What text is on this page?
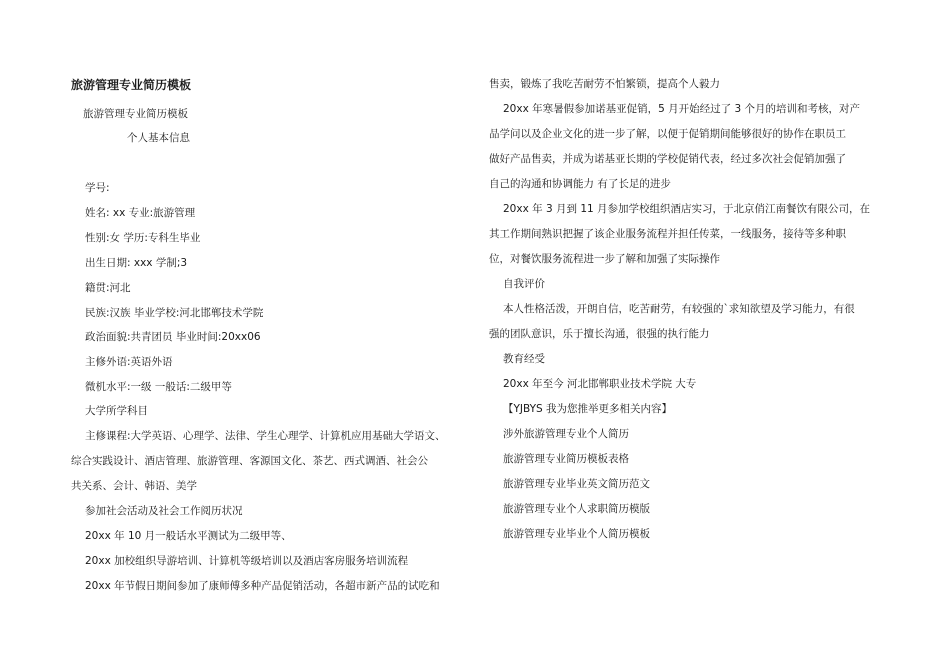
旅游管理专业简历模板
旅游管理专业简历模板
个人基本信息
学号:
姓名: xx 专业:旅游管理
性别:女 学历:专科生毕业
出生日期: xxx 学制;3
籍贯:河北
民族:汉族 毕业学校:河北邯郸技术学院
政治面貌:共青团员 毕业时间:20xx06
主修外语:英语外语
微机水平:一级 一般话:二级甲等
大学所学科目
主修课程:大学英语、心理学、法律、学生心理学、计算机应用基础大学语文、
综合实践设计、酒店管理、旅游管理、客源国文化、茶艺、西式调酒、社会公
共关系、会计、韩语、美学
参加社会活动及社会工作阅历状况
20xx 年 10 月一般话水平测试为二级甲等、
20xx 加校组织导游培训、计算机等级培训以及酒店客房服务培训流程
20xx 年节假日期间参加了康师傅多种产品促销活动，各超市新产品的试吃和
售卖，锻炼了我吃苦耐劳不怕繁锁，提高个人毅力
20xx 年寒暑假参加诺基亚促销，5 月开始经过了 3 个月的培训和考核，对产
品学问以及企业文化的进一步了解，以便于促销期间能够很好的协作在职员工
做好产品售卖，并成为诺基亚长期的学校促销代表，经过多次社会促销加强了
自己的沟通和协调能力 有了长足的进步
20xx 年 3 月到 11 月参加学校组织酒店实习，于北京俏江南餐饮有限公司，在
其工作期间熟识把握了该企业服务流程并担任传菜，一线服务，接待等多种职
位，对餐饮服务流程进一步了解和加强了实际操作
自我评价
本人性格活泼，开朗自信，吃苦耐劳，有较强的`求知欲望及学习能力，有很
强的团队意识，乐于擅长沟通，很强的执行能力
教育经受
20xx 年至今 河北邯郸职业技术学院 大专
【YJBYS 我为您推举更多相关内容】
涉外旅游管理专业个人简历
旅游管理专业简历模板表格
旅游管理专业毕业英文简历范文
旅游管理专业个人求职简历模版
旅游管理专业毕业个人简历模板
